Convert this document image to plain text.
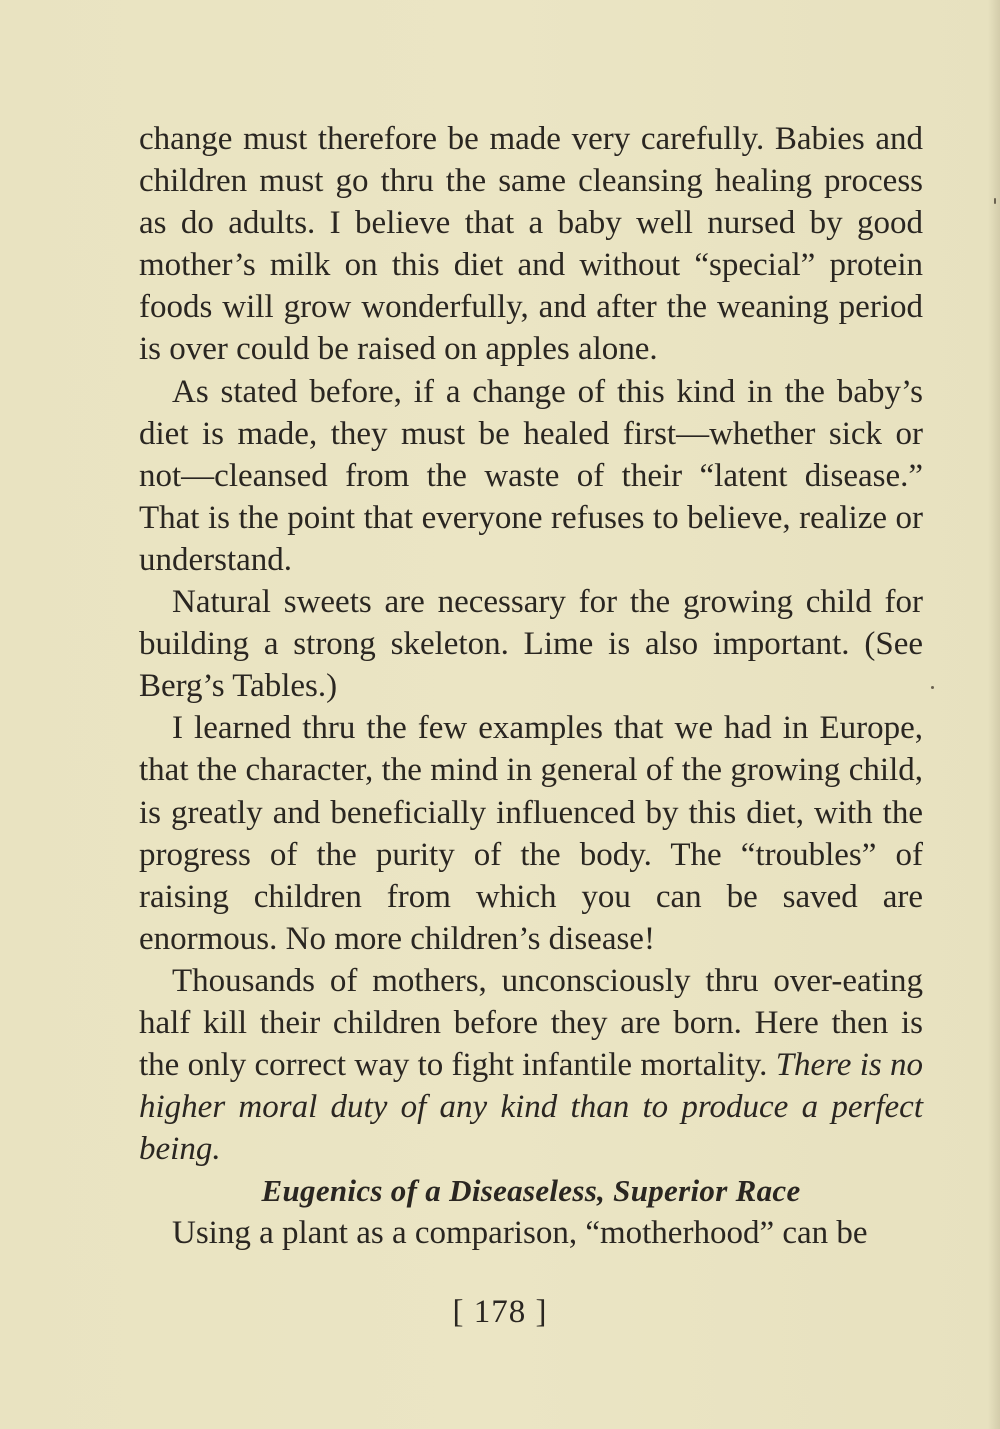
change must therefore be made very carefully. Babies and children must go thru the same cleansing healing process as do adults. I believe that a baby well nursed by good mother’s milk on this diet and without “special” protein foods will grow wonderfully, and after the weaning period is over could be raised on apples alone.

As stated before, if a change of this kind in the baby’s diet is made, they must be healed first—whether sick or not—cleansed from the waste of their “latent disease.” That is the point that everyone refuses to believe, realize or understand.

Natural sweets are necessary for the growing child for building a strong skeleton. Lime is also important. (See Berg’s Tables.)

I learned thru the few examples that we had in Europe, that the character, the mind in general of the growing child, is greatly and beneficially influenced by this diet, with the progress of the purity of the body. The “troubles” of raising children from which you can be saved are enormous. No more children’s disease!

Thousands of mothers, unconsciously thru over-eating half kill their children before they are born. Here then is the only correct way to fight infantile mortality. There is no higher moral duty of any kind than to produce a perfect being.

Eugenics of a Diseaseless, Superior Race

Using a plant as a comparison, “motherhood” can be

[ 178 ]
